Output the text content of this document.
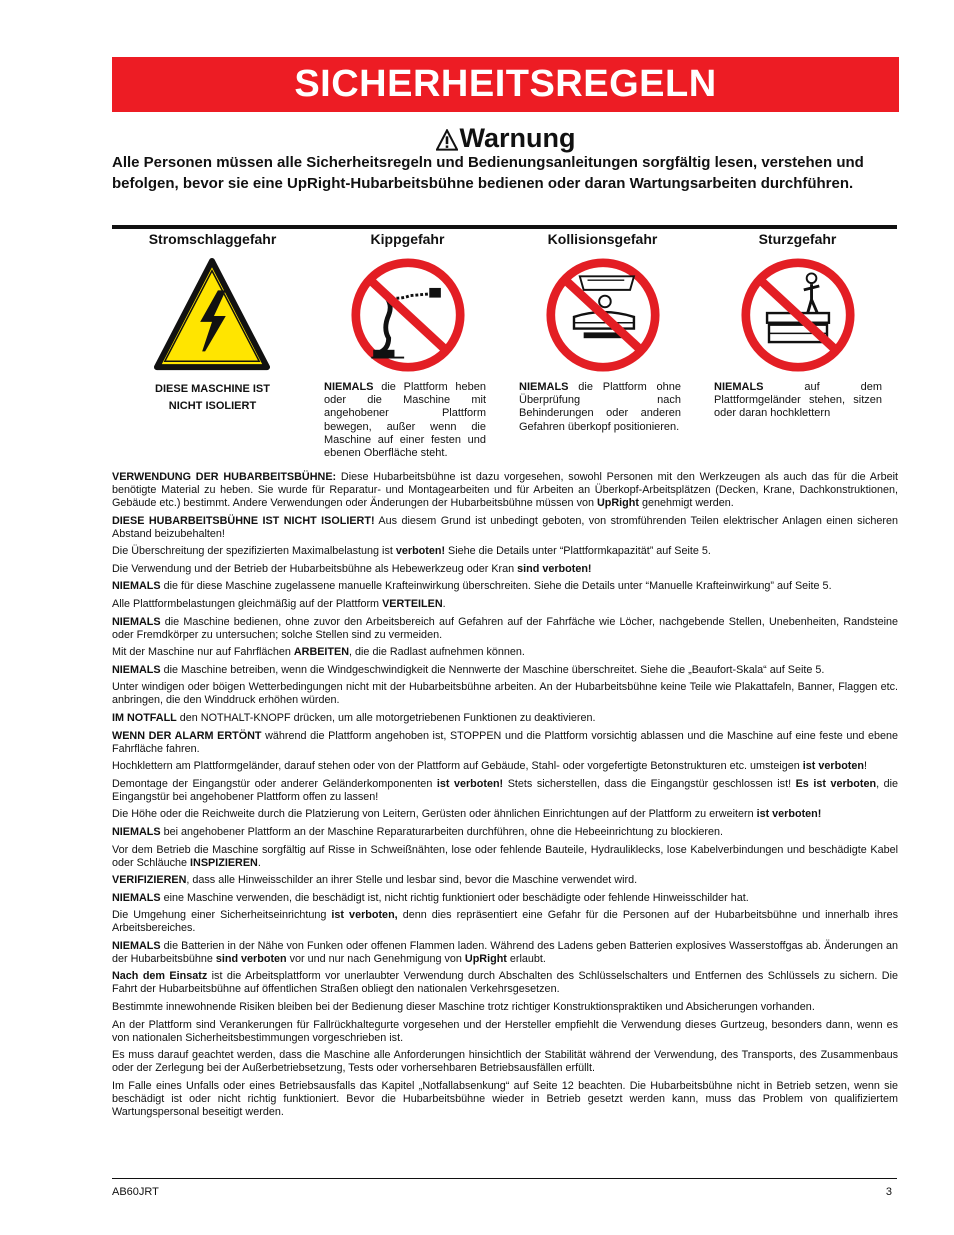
SICHERHEITSREGELN
Warnung

Alle Personen müssen alle Sicherheitsregeln und Bedienungsanleitungen sorgfältig lesen, verstehen und befolgen, bevor sie eine UpRight-Hubarbeitsbühne bedienen oder daran Wartungsarbeiten durchführen.

Stromschlaggefahr
DIESE MASCHINE IST
NICHT ISOLIERT
Kippgefahr

NIEMALS die Plattform heben oder die Maschine mit angehobener Plattform bewegen, außer wenn die Maschine auf einer festen und ebenen Oberfläche steht.

Kollisionsgefahr

NIEMALS die Plattform ohne Überprüfung nach Behinderungen oder anderen Gefahren überkopf positionieren.

Sturzgefahr

NIEMALS auf dem Plattformgeländer stehen, sitzen oder daran hochklettern

VERWENDUNG DER HUBARBEITSBÜHNE: Diese Hubarbeitsbühne ist dazu vorgesehen, sowohl Personen mit den Werkzeugen als auch das für die Arbeit benötigte Material zu heben. Sie wurde für Reparatur- und Montagearbeiten und für Arbeiten an Überkopf-Arbeitsplätzen (Decken, Krane, Dachkonstruktionen, Gebäude etc.) bestimmt. Andere Verwendungen oder Änderungen der Hubarbeitsbühne müssen von UpRight genehmigt werden.

DIESE HUBARBEITSBÜHNE IST NICHT ISOLIERT! Aus diesem Grund ist unbedingt geboten, von stromführenden Teilen elektrischer Anlagen einen sicheren Abstand beizubehalten!

Die Überschreitung der spezifizierten Maximalbelastung ist verboten! Siehe die Details unter “Plattformkapazität” auf Seite 5.

Die Verwendung und der Betrieb der Hubarbeitsbühne als Hebewerkzeug oder Kran sind verboten!

NIEMALS die für diese Maschine zugelassene manuelle Krafteinwirkung überschreiten. Siehe die Details unter “Manuelle Krafteinwirkung” auf Seite 5.

Alle Plattformbelastungen gleichmäßig auf der Plattform VERTEILEN.

NIEMALS die Maschine bedienen, ohne zuvor den Arbeitsbereich auf Gefahren auf der Fahrfäche wie Löcher, nachgebende Stellen, Unebenheiten, Randsteine oder Fremdkörper zu untersuchen; solche Stellen sind zu vermeiden.

Mit der Maschine nur auf Fahrflächen ARBEITEN, die die Radlast aufnehmen können.

NIEMALS die Maschine betreiben, wenn die Windgeschwindigkeit die Nennwerte der Maschine überschreitet. Siehe die „Beaufort-Skala“ auf Seite 5.

Unter windigen oder böigen Wetterbedingungen nicht mit der Hubarbeitsbühne arbeiten. An der Hubarbeitsbühne keine Teile wie Plakattafeln, Banner, Flaggen etc. anbringen, die den Winddruck erhöhen würden.

IM NOTFALL den NOTHALT-KNOPF drücken, um alle motorgetriebenen Funktionen zu deaktivieren.

WENN DER ALARM ERTÖNT während die Plattform angehoben ist, STOPPEN und die Plattform vorsichtig ablassen und die Maschine auf eine feste und ebene Fahrfläche fahren.

Hochklettern am Plattformgeländer, darauf stehen oder von der Plattform auf Gebäude, Stahl- oder vorgefertigte Betonstrukturen etc. umsteigen ist verboten!

Demontage der Eingangstür oder anderer Geländerkomponenten ist verboten! Stets sicherstellen, dass die Eingangstür geschlossen ist! Es ist verboten, die Eingangstür bei angehobener Plattform offen zu lassen!

Die Höhe oder die Reichweite durch die Platzierung von Leitern, Gerüsten oder ähnlichen Einrichtungen auf der Plattform zu erweitern ist verboten!

NIEMALS bei angehobener Plattform an der Maschine Reparaturarbeiten durchführen, ohne die Hebeeinrichtung zu blockieren.

Vor dem Betrieb die Maschine sorgfältig auf Risse in Schweißnähten, lose oder fehlende Bauteile, Hydrauliklecks, lose Kabelverbindungen und beschädigte Kabel oder Schläuche INSPIZIEREN.

VERIFIZIEREN, dass alle Hinweisschilder an ihrer Stelle und lesbar sind, bevor die Maschine verwendet wird.

NIEMALS eine Maschine verwenden, die beschädigt ist, nicht richtig funktioniert oder beschädigte oder fehlende Hinweisschilder hat.

Die Umgehung einer Sicherheitseinrichtung ist verboten, denn dies repräsentiert eine Gefahr für die Personen auf der Hubarbeitsbühne und innerhalb ihres Arbeitsbereiches.

NIEMALS die Batterien in der Nähe von Funken oder offenen Flammen laden. Während des Ladens geben Batterien explosives Wasserstoffgas ab. Änderungen an der Hubarbeitsbühne sind verboten vor und nur nach Genehmigung von UpRight erlaubt.

Nach dem Einsatz ist die Arbeitsplattform vor unerlaubter Verwendung durch Abschalten des Schlüsselschalters und Entfernen des Schlüssels zu sichern. Die Fahrt der Hubarbeitsbühne auf öffentlichen Straßen obliegt den nationalen Verkehrsgesetzen.

Bestimmte innewohnende Risiken bleiben bei der Bedienung dieser Maschine trotz richtiger Konstruktionspraktiken und Absicherungen vorhanden.

An der Plattform sind Verankerungen für Fallrückhaltegurte vorgesehen und der Hersteller empfiehlt die Verwendung dieses Gurtzeug, besonders dann, wenn es von nationalen Sicherheitsbestimmungen vorgeschrieben ist.

Es muss darauf geachtet werden, dass die Maschine alle Anforderungen hinsichtlich der Stabilität während der Verwendung, des Transports, des Zusammenbaus oder der Zerlegung bei der Außerbetriebsetzung, Tests oder vorhersehbaren Betriebsausfällen erfüllt.

Im Falle eines Unfalls oder eines Betriebsausfalls das Kapitel „Notfallabsenkung“ auf Seite 12 beachten. Die Hubarbeitsbühne nicht in Betrieb setzen, wenn sie beschädigt ist oder nicht richtig funktioniert. Bevor die Hubarbeitsbühne wieder in Betrieb gesetzt werden kann, muss das Problem von qualifiziertem Wartungspersonal beseitigt werden.

AB60JRT	3
